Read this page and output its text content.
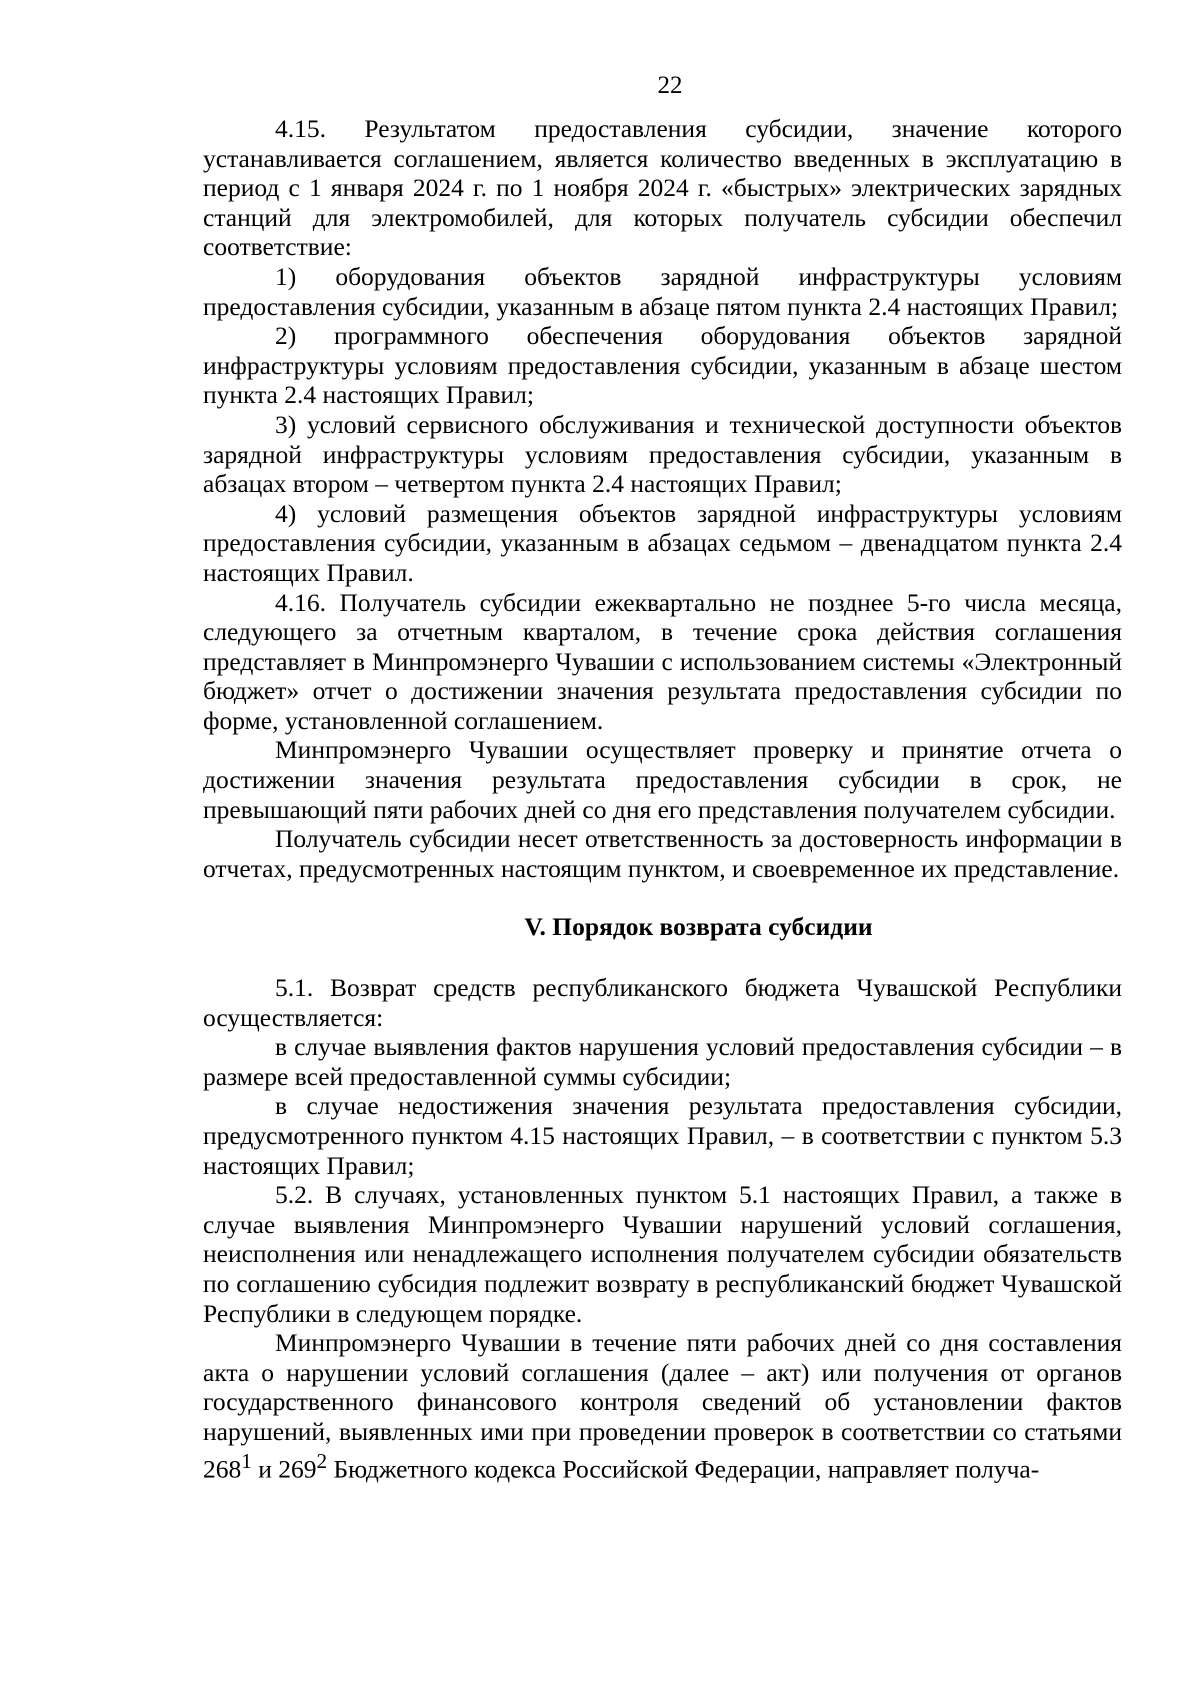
22

4.15. Результатом предоставления субсидии, значение которого устанавливается соглашением, является количество введенных в эксплуатацию в период с 1 января 2024 г. по 1 ноября 2024 г. «быстрых» электрических зарядных станций для электромобилей, для которых получатель субсидии обеспечил соответствие:

1) оборудования объектов зарядной инфраструктуры условиям предоставления субсидии, указанным в абзаце пятом пункта 2.4 настоящих Правил;

2) программного обеспечения оборудования объектов зарядной инфраструктуры условиям предоставления субсидии, указанным в абзаце шестом пункта 2.4 настоящих Правил;

3) условий сервисного обслуживания и технической доступности объектов зарядной инфраструктуры условиям предоставления субсидии, указанным в абзацах втором – четвертом пункта 2.4 настоящих Правил;

4) условий размещения объектов зарядной инфраструктуры условиям предоставления субсидии, указанным в абзацах седьмом – двенадцатом пункта 2.4 настоящих Правил.

4.16. Получатель субсидии ежеквартально не позднее 5-го числа месяца, следующего за отчетным кварталом, в течение срока действия соглашения представляет в Минпромэнерго Чувашии с использованием системы «Электронный бюджет» отчет о достижении значения результата предоставления субсидии по форме, установленной соглашением.

Минпромэнерго Чувашии осуществляет проверку и принятие отчета о достижении значения результата предоставления субсидии в срок, не превышающий пяти рабочих дней со дня его представления получателем субсидии.

Получатель субсидии несет ответственность за достоверность информации в отчетах, предусмотренных настоящим пунктом, и своевременное их представление.

V. Порядок возврата субсидии

5.1. Возврат средств республиканского бюджета Чувашской Республики осуществляется:

в случае выявления фактов нарушения условий предоставления субсидии – в размере всей предоставленной суммы субсидии;

в случае недостижения значения результата предоставления субсидии, предусмотренного пунктом 4.15 настоящих Правил, – в соответствии с пунктом 5.3 настоящих Правил;

5.2. В случаях, установленных пунктом 5.1 настоящих Правил, а также в случае выявления Минпромэнерго Чувашии нарушений условий соглашения, неисполнения или ненадлежащего исполнения получателем субсидии обязательств по соглашению субсидия подлежит возврату в республиканский бюджет Чувашской Республики в следующем порядке.

Минпромэнерго Чувашии в течение пяти рабочих дней со дня составления акта о нарушении условий соглашения (далее – акт) или получения от органов государственного финансового контроля сведений об установлении фактов нарушений, выявленных ими при проведении проверок в соответствии со статьями $268^1$ и $269^2$ Бюджетного кодекса Российской Федерации, направляет получа-
